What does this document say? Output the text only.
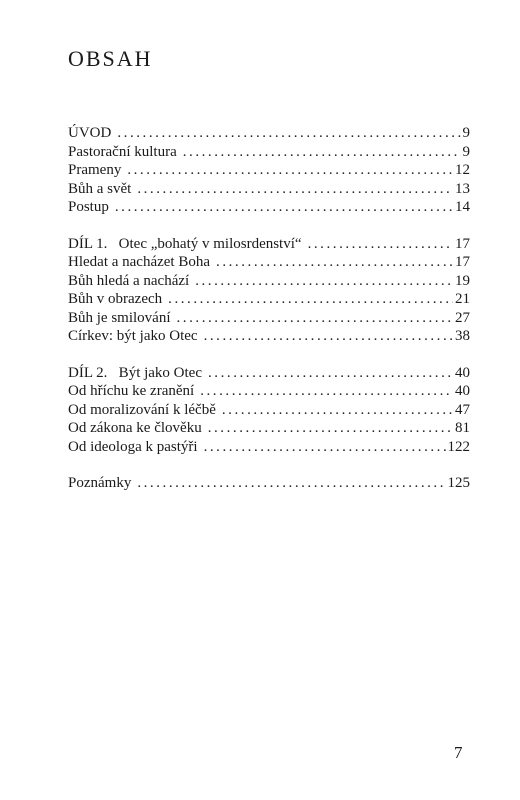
OBSAH
ÚVOD . . .	9
Pastorační kultura . . .	9
Prameny . . .	12
Bůh a svět . . .	13
Postup . . .	14
DÍL 1.   Otec „bohatý v milosrdenství“ . . .	17
Hledat a nacházet Boha . . .	17
Bůh hledá a nachází . . .	19
Bůh v obrazech . . .	21
Bůh je smilování . . .	27
Církev: být jako Otec . . .	38
DÍL 2.   Být jako Otec . . .	40
Od hříchu ke zranění . . .	40
Od moralizování k léčbě . . .	47
Od zákona ke člověku . . .	81
Od ideologa k pastýři . . .	122
Poznámky . . .	125
7
